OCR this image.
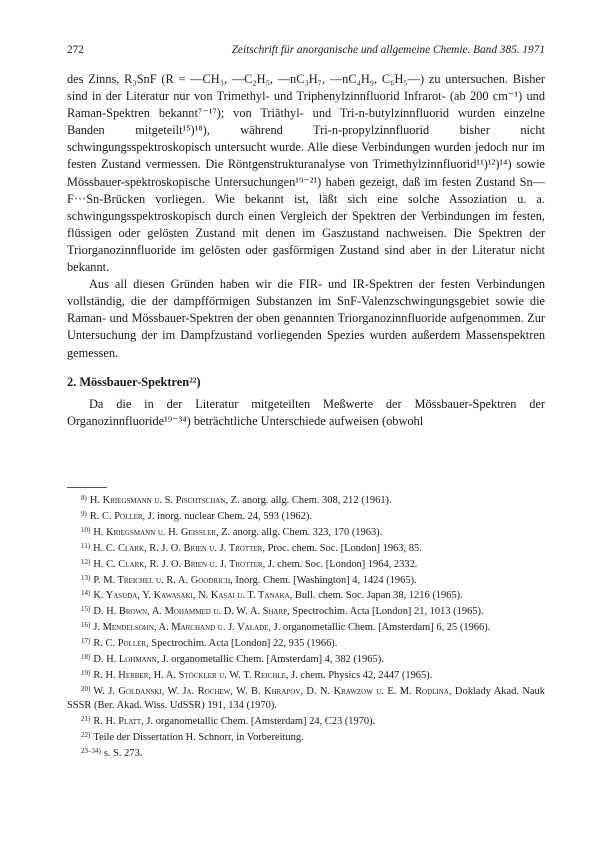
272	Zeitschrift für anorganische und allgemeine Chemie. Band 385. 1971

des Zinns, R₃SnF (R = —CH₃, —C₂H₅, —nC₃H₇, —nC₄H₉, C₆H₅—) zu untersuchen. Bisher sind in der Literatur nur von Trimethyl- und Triphenylzinnfluorid Infrarot- (ab 200 cm⁻¹) und Raman-Spektren bekannt⁷⁻¹⁷); von Triäthyl- und Tri-n-butylzinnfluorid wurden einzelne Banden mitgeteilt¹⁵)¹⁸), während Tri-n-propylzinnfluorid bisher nicht schwingungsspektroskopisch untersucht wurde. Alle diese Verbindungen wurden jedoch nur im festen Zustand vermessen. Die Röntgenstrukturanalyse von Trimethylzinnfluorid¹¹)¹²)¹⁴) sowie Mössbauer-spektroskopische Untersuchungen¹⁹⁻²¹) haben gezeigt, daß im festen Zustand Sn—F···Sn-Brücken vorliegen. Wie bekannt ist, läßt sich eine solche Assoziation u. a. schwingungsspektroskopisch durch einen Vergleich der Spektren der Verbindungen im festen, flüssigen oder gelösten Zustand mit denen im Gaszustand nachweisen. Die Spektren der Triorganozinnfluoride im gelösten oder gasförmigen Zustand sind aber in der Literatur nicht bekannt.

Aus all diesen Gründen haben wir die FIR- und IR-Spektren der festen Verbindungen vollständig, die der dampfförmigen Substanzen im SnF-Valenzschwingungsgebiet sowie die Raman- und Mössbauer-Spektren der oben genannten Triorganozinnfluoride aufgenommen. Zur Untersuchung der im Dampfzustand vorliegenden Spezies wurden außerdem Massenspektren gemessen.

2. Mössbauer-Spektren²²)

Da die in der Literatur mitgeteilten Meßwerte der Mössbauer-Spektren der Organozinnfluoride¹⁹⁻³⁴) beträchtliche Unterschiede aufweisen (obwohl

$^{8)}$ H. Kriegsmann u. S. Pischtschan, Z. anorg. allg. Chem. 308, 212 (1961).

$^{9)}$ R. C. Poller, J. inorg. nuclear Chem. 24, 593 (1962).

$^{10)}$ H. Kriegsmann u. H. Geissler, Z. anorg. allg. Chem. 323, 170 (1963).

$^{11)}$ H. C. Clark, R. J. O. Brien u. J. Trotter, Proc. chem. Soc. [London] 1963, 85.

$^{12)}$ H. C. Clark, R. J. O. Brien u. J. Trotter, J. chem. Soc. [London] 1964, 2332.

$^{13)}$ P. M. Treichel u. R. A. Goodrich, Inorg. Chem. [Washington] 4, 1424 (1965).

$^{14)}$ K. Yasuda, Y. Kawasaki, N. Kasai u. T. Tanaka, Bull. chem. Soc. Japan 38, 1216 (1965).

$^{15)}$ D. H. Brown, A. Mohammed u. D. W. A. Sharp, Spectrochim. Acta [London] 21, 1013 (1965).

$^{16)}$ J. Mendelsohn, A. Marchand u. J. Valade, J. organometallic Chem. [Amsterdam] 6, 25 (1966).

$^{17)}$ R. C. Poller, Spectrochim. Acta [London] 22, 935 (1966).

$^{18)}$ D. H. Lohmann, J. organometallic Chem. [Amsterdam] 4, 382 (1965).

$^{19)}$ R. H. Herber, H. A. Stöckler u. W. T. Reichle, J. chem. Physics 42, 2447 (1965).

$^{20)}$ W. J. Goldanski, W. Ja. Rochew, W. B. Khrapov, D. N. Krawzow u. E. M. Rodlina, Doklady Akad. Nauk SSSR (Ber. Akad. Wiss. UdSSR) 191, 134 (1970).

$^{21)}$ R. H. Platt, J. organometallic Chem. [Amsterdam] 24, C23 (1970).

$^{22)}$ Teile der Dissertation H. Schnorr, in Vorbereitung.

$^{23-34)}$ s. S. 273.
